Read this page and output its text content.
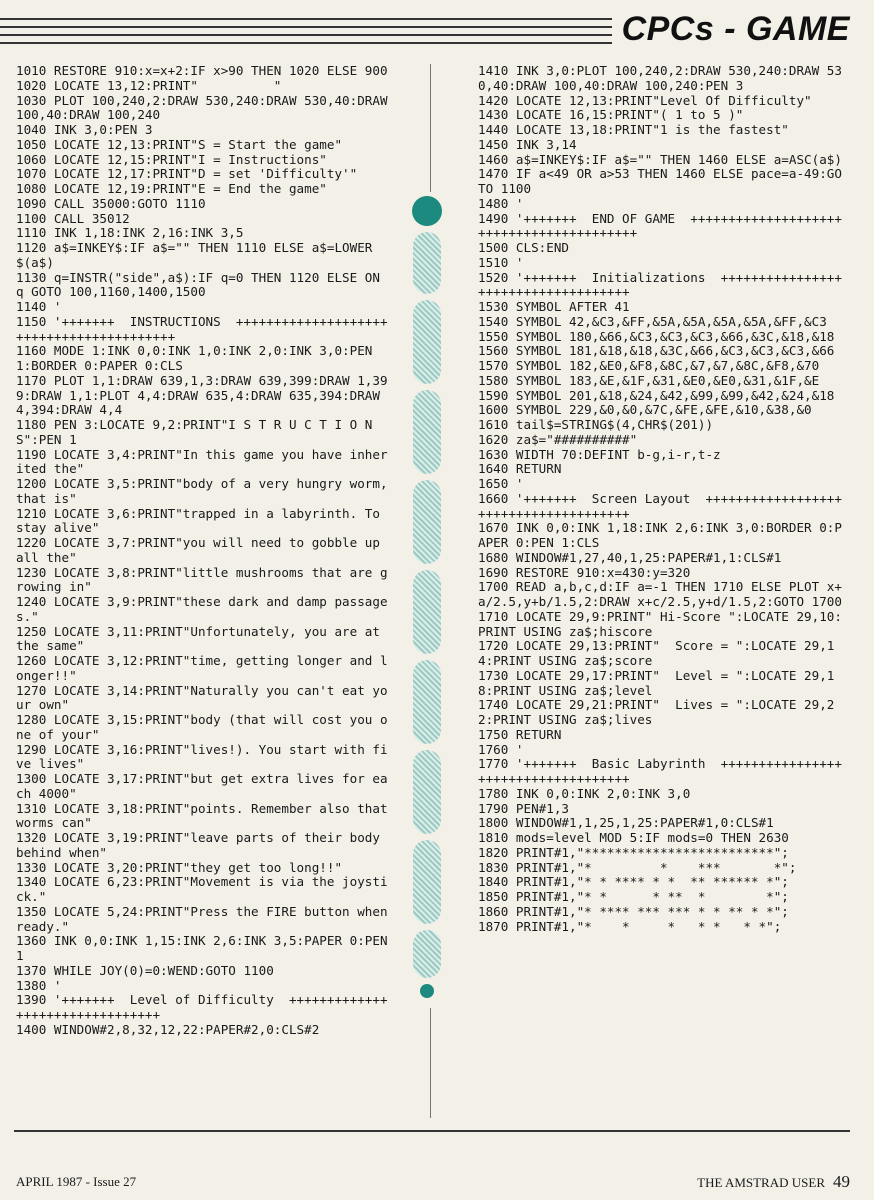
CPCs - GAME
1010 RESTORE 910:x=x+2:IF x>90 THEN 1020 ELSE 900
1020 LOCATE 13,12:PRINT"          "
1030 PLOT 100,240,2:DRAW 530,240:DRAW 530,40:DRAW 100,40:DRAW 100,240
1040 INK 3,0:PEN 3
1050 LOCATE 12,13:PRINT"S = Start the game"
1060 LOCATE 12,15:PRINT"I = Instructions"
1070 LOCATE 12,17:PRINT"D = set 'Difficulty'"
1080 LOCATE 12,19:PRINT"E = End the game"
1090 CALL 35000:GOTO 1110
1100 CALL 35012
1110 INK 1,18:INK 2,16:INK 3,5
1120 a$=INKEY$:IF a$="" THEN 1110 ELSE a$=LOWER$(a$)
1130 q=INSTR("side",a$):IF q=0 THEN 1120 ELSE ON q GOTO 100,1160,1400,1500
1140 '
1150 '+++++++  INSTRUCTIONS  +++++++++++++++++++++++++++++++++++++++++
1160 MODE 1:INK 0,0:INK 1,0:INK 2,0:INK 3,0:PEN 1:BORDER 0:PAPER 0:CLS
1170 PLOT 1,1:DRAW 639,1,3:DRAW 639,399:DRAW 1,399:DRAW 1,1:PLOT 4,4:DRAW 635,4:DRAW 635,394:DRAW 4,394:DRAW 4,4
1180 PEN 3:LOCATE 9,2:PRINT"I S T R U C T I O N S":PEN 1
1190 LOCATE 3,4:PRINT"In this game you have inherited the"
1200 LOCATE 3,5:PRINT"body of a very hungry worm, that is"
1210 LOCATE 3,6:PRINT"trapped in a labyrinth. To stay alive"
1220 LOCATE 3,7:PRINT"you will need to gobble up all the"
1230 LOCATE 3,8:PRINT"little mushrooms that are growing in"
1240 LOCATE 3,9:PRINT"these dark and damp passages."
1250 LOCATE 3,11:PRINT"Unfortunately, you are at the same"
1260 LOCATE 3,12:PRINT"time, getting longer and longer!!"
1270 LOCATE 3,14:PRINT"Naturally you can't eat your own"
1280 LOCATE 3,15:PRINT"body (that will cost you one of your"
1290 LOCATE 3,16:PRINT"lives!). You start with five lives"
1300 LOCATE 3,17:PRINT"but get extra lives for each 4000"
1310 LOCATE 3,18:PRINT"points. Remember also that worms can"
1320 LOCATE 3,19:PRINT"leave parts of their body behind when"
1330 LOCATE 3,20:PRINT"they get too long!!"
1340 LOCATE 6,23:PRINT"Movement is via the joystick."
1350 LOCATE 5,24:PRINT"Press the FIRE button when ready."
1360 INK 0,0:INK 1,15:INK 2,6:INK 3,5:PAPER 0:PEN 1
1370 WHILE JOY(0)=0:WEND:GOTO 1100
1380 '
1390 '+++++++  Level of Difficulty  ++++++++++++++++++++++++++++++++
1400 WINDOW#2,8,32,12,22:PAPER#2,0:CLS#2
1410 INK 3,0:PLOT 100,240,2:DRAW 530,240:DRAW 530,40:DRAW 100,40:DRAW 100,240:PEN 3
1420 LOCATE 12,13:PRINT"Level Of Difficulty"
1430 LOCATE 16,15:PRINT"( 1 to 5 )"
1440 LOCATE 13,18:PRINT"1 is the fastest"
1450 INK 3,14
1460 a$=INKEY$:IF a$="" THEN 1460 ELSE a=ASC(a$)
1470 IF a<49 OR a>53 THEN 1460 ELSE pace=a-49:GOTO 1100
1480 '
1490 '+++++++  END OF GAME  +++++++++++++++++++++++++++++++++++++++++
1500 CLS:END
1510 '
1520 '+++++++  Initializations  ++++++++++++++++++++++++++++++++++++
1530 SYMBOL AFTER 41
1540 SYMBOL 42,&C3,&FF,&5A,&5A,&5A,&5A,&FF,&C3
1550 SYMBOL 180,&66,&C3,&C3,&C3,&66,&3C,&18,&18
1560 SYMBOL 181,&18,&18,&3C,&66,&C3,&C3,&C3,&66
1570 SYMBOL 182,&E0,&F8,&8C,&7,&7,&8C,&F8,&70
1580 SYMBOL 183,&E,&1F,&31,&E0,&E0,&31,&1F,&E
1590 SYMBOL 201,&18,&24,&42,&99,&99,&42,&24,&18
1600 SYMBOL 229,&0,&0,&7C,&FE,&FE,&10,&38,&0
1610 tail$=STRING$(4,CHR$(201))
1620 za$="##########"
1630 WIDTH 70:DEFINT b-g,i-r,t-z
1640 RETURN
1650 '
1660 '+++++++  Screen Layout  ++++++++++++++++++++++++++++++++++++++
1670 INK 0,0:INK 1,18:INK 2,6:INK 3,0:BORDER 0:PAPER 0:PEN 1:CLS
1680 WINDOW#1,27,40,1,25:PAPER#1,1:CLS#1
1690 RESTORE 910:x=430:y=320
1700 READ a,b,c,d:IF a=-1 THEN 1710 ELSE PLOT x+a/2.5,y+b/1.5,2:DRAW x+c/2.5,y+d/1.5,2:GOTO 1700
1710 LOCATE 29,9:PRINT" Hi-Score ":LOCATE 29,10:PRINT USING za$;hiscore
1720 LOCATE 29,13:PRINT"  Score = ":LOCATE 29,14:PRINT USING za$;score
1730 LOCATE 29,17:PRINT"  Level = ":LOCATE 29,18:PRINT USING za$;level
1740 LOCATE 29,21:PRINT"  Lives = ":LOCATE 29,22:PRINT USING za$;lives
1750 RETURN
1760 '
1770 '+++++++  Basic Labyrinth  ++++++++++++++++++++++++++++++++++++
1780 INK 0,0:INK 2,0:INK 3,0
1790 PEN#1,3
1800 WINDOW#1,1,25,1,25:PAPER#1,0:CLS#1
1810 mods=level MOD 5:IF mods=0 THEN 2630
1820 PRINT#1,"*************************";
1830 PRINT#1,"*         *    ***       *";
1840 PRINT#1,"* * **** * *  ** ****** *";
1850 PRINT#1,"* *      * **  *        *";
1860 PRINT#1,"* **** *** *** * * ** * *";
1870 PRINT#1,"*    *     *   * *   * *";
APRIL 1987 - Issue 27	THE AMSTRAD USER 49
